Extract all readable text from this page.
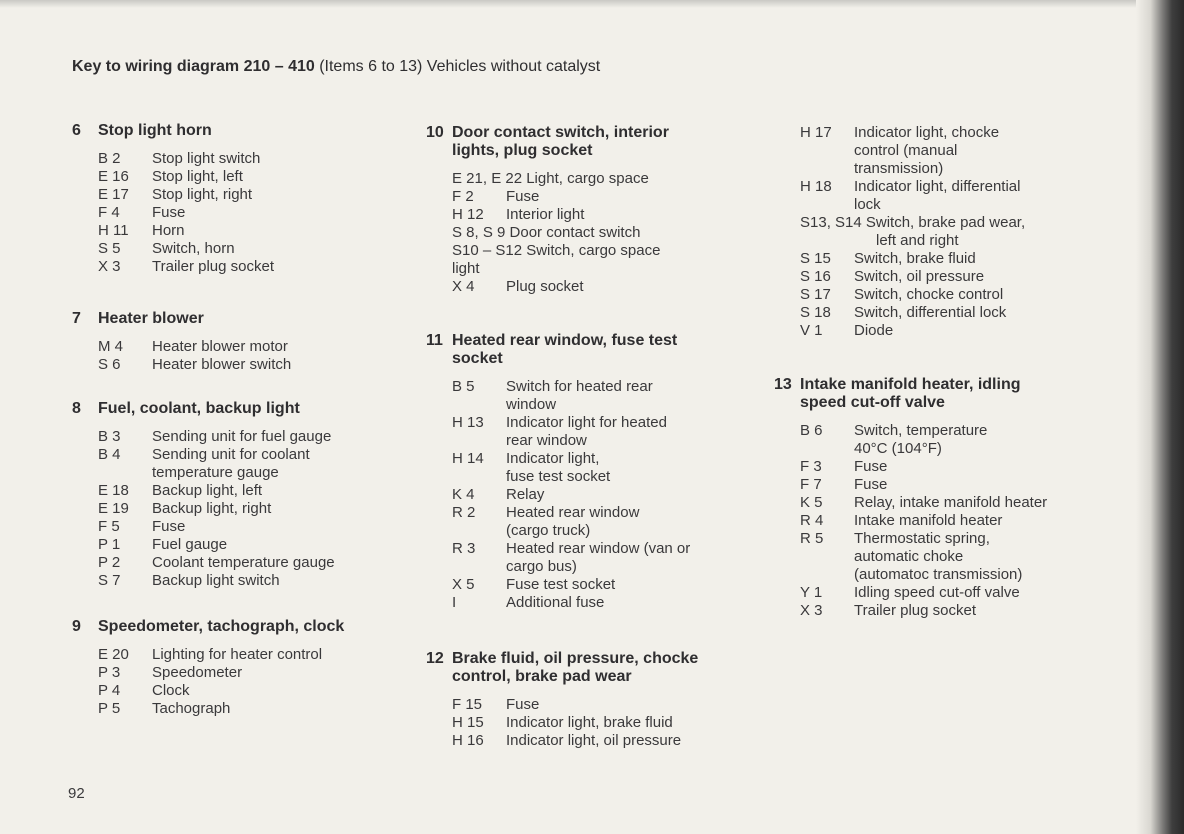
Key to wiring diagram 210 – 410 (Items 6 to 13) Vehicles without catalyst
6 Stop light horn
B 2	Stop light switch
E 16	Stop light, left
E 17	Stop light, right
F 4	Fuse
H 11	Horn
S 5	Switch, horn
X 3	Trailer plug socket
7 Heater blower
M 4	Heater blower motor
S 6	Heater blower switch
8 Fuel, coolant, backup light
B 3	Sending unit for fuel gauge
B 4	Sending unit for coolant
temperature gauge
E 18	Backup light, left
E 19	Backup light, right
F 5	Fuse
P 1	Fuel gauge
P 2	Coolant temperature gauge
S 7	Backup light switch
9 Speedometer, tachograph, clock
E 20	Lighting for heater control
P 3	Speedometer
P 4	Clock
P 5	Tachograph
10 Door contact switch, interior
lights, plug socket
E 21, E 22 Light, cargo space
F 2	Fuse
H 12	Interior light
S 8, S 9 Door contact switch
S10 – S12 Switch, cargo space
light
X 4	Plug socket
11 Heated rear window, fuse test
socket
B 5	Switch for heated rear
window
H 13	Indicator light for heated
rear window
H 14	Indicator light,
fuse test socket
K 4	Relay
R 2	Heated rear window
(cargo truck)
R 3	Heated rear window (van or
cargo bus)
X 5	Fuse test socket
I	Additional fuse
12 Brake fluid, oil pressure, chocke
control, brake pad wear
F 15	Fuse
H 15	Indicator light, brake fluid
H 16	Indicator light, oil pressure
H 17	Indicator light, chocke
control (manual
transmission)
H 18	Indicator light, differential
lock
S13, S14 Switch, brake pad wear,
left and right
S 15	Switch, brake fluid
S 16	Switch, oil pressure
S 17	Switch, chocke control
S 18	Switch, differential lock
V 1	Diode
13 Intake manifold heater, idling
speed cut-off valve
B 6	Switch, temperature
40°C (104°F)
F 3	Fuse
F 7	Fuse
K 5	Relay, intake manifold heater
R 4	Intake manifold heater
R 5	Thermostatic spring,
automatic choke
(automatoc transmission)
Y 1	Idling speed cut-off valve
X 3	Trailer plug socket
92
